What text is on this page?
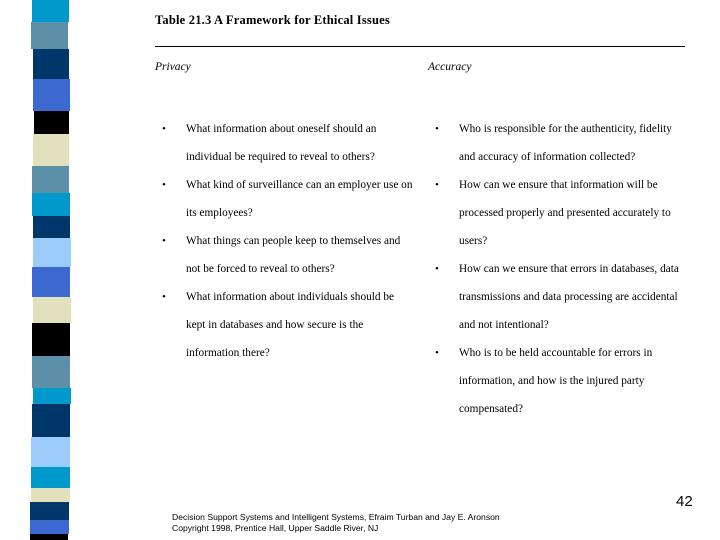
Table 21.3 A Framework for Ethical Issues
Privacy
• What information about oneself should an individual be required to reveal to others?
• What kind of surveillance can an employer use on its employees?
• What things can people keep to themselves and not be forced to reveal to others?
• What information about individuals should be kept in databases and how secure is the information there?
Accuracy
• Who is responsible for the authenticity, fidelity and accuracy of information collected?
• How can we ensure that information will be processed properly and presented accurately to users?
• How can we ensure that errors in databases, data transmissions and data processing are accidental and not intentional?
• Who is to be held accountable for errors in information, and how is the injured party compensated?
Decision Support Systems and Intelligent Systems, Efraim Turban and Jay E. Aronson
Copyright 1998, Prentice Hall, Upper Saddle River, NJ
42
